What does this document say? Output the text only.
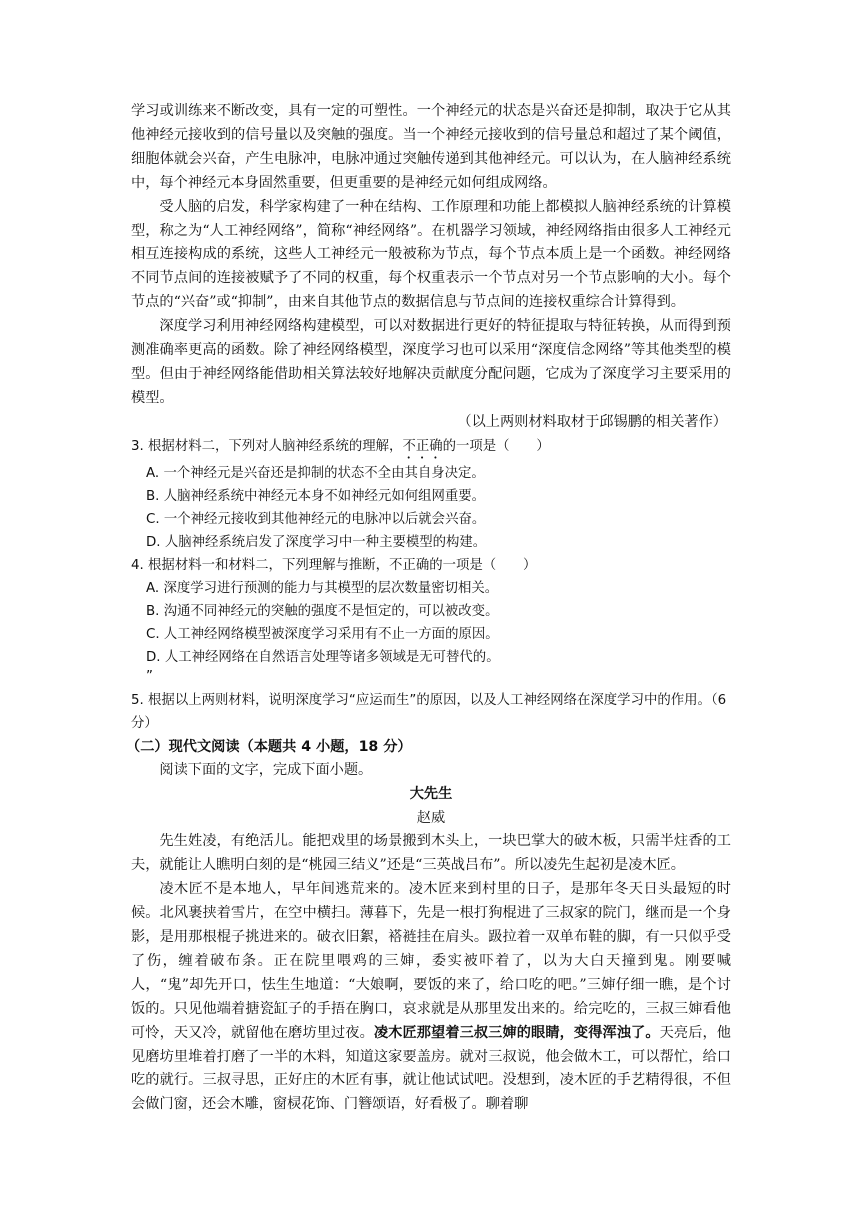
学习或训练来不断改变，具有一定的可塑性。一个神经元的状态是兴奋还是抑制，取决于它从其他神经元接收到的信号量以及突触的强度。当一个神经元接收到的信号量总和超过了某个阈值，细胞体就会兴奋，产生电脉冲，电脉冲通过突触传递到其他神经元。可以认为，在人脑神经系统中，每个神经元本身固然重要，但更重要的是神经元如何组成网络。

受人脑的启发，科学家构建了一种在结构、工作原理和功能上都模拟人脑神经系统的计算模型，称之为“人工神经网络”，简称“神经网络”。在机器学习领域，神经网络指由很多人工神经元相互连接构成的系统，这些人工神经元一般被称为节点，每个节点本质上是一个函数。神经网络不同节点间的连接被赋予了不同的权重，每个权重表示一个节点对另一个节点影响的大小。每个节点的“兴奋”或“抑制”，由来自其他节点的数据信息与节点间的连接权重综合计算得到。

深度学习利用神经网络构建模型，可以对数据进行更好的特征提取与特征转换，从而得到预测准确率更高的函数。除了神经网络模型，深度学习也可以采用“深度信念网络”等其他类型的模型。但由于神经网络能借助相关算法较好地解决贡献度分配问题，它成为了深度学习主要采用的模型。

（以上两则材料取材于邱锡鹏的相关著作）

3. 根据材料二，下列对人脑神经系统的理解，不正确的一项是（　　）

A. 一个神经元是兴奋还是抑制的状态不全由其自身决定。

B. 人脑神经系统中神经元本身不如神经元如何组网重要。

C. 一个神经元接收到其他神经元的电脉冲以后就会兴奋。

D. 人脑神经系统启发了深度学习中一种主要模型的构建。

4. 根据材料一和材料二，下列理解与推断，不正确的一项是（　　）

A. 深度学习进行预测的能力与其模型的层次数量密切相关。

B. 沟通不同神经元的突触的强度不是恒定的，可以被改变。

C. 人工神经网络模型被深度学习采用有不止一方面的原因。

D. 人工神经网络在自然语言处理等诸多领域是无可替代的。

”

5. 根据以上两则材料，说明深度学习“应运而生”的原因，以及人工神经网络在深度学习中的作用。（6 分）

（二）现代文阅读（本题共 4 小题，18 分）

阅读下面的文字，完成下面小题。

大先生

赵威

先生姓凌，有绝活儿。能把戏里的场景搬到木头上，一块巴掌大的破木板，只需半炷香的工夫，就能让人瞧明白刻的是“桃园三结义”还是“三英战吕布”。所以凌先生起初是凌木匠。

凌木匠不是本地人，早年间逃荒来的。凌木匠来到村里的日子，是那年冬天日头最短的时候。北风裹挟着雪片，在空中横扫。薄暮下，先是一根打狗棍进了三叔家的院门，继而是一个身影，是用那根棍子挑进来的。破衣旧絮，褡裢挂在肩头。趿拉着一双单布鞋的脚，有一只似乎受了伤，缠着破布条。正在院里喂鸡的三婶，委实被吓着了，以为大白天撞到鬼。刚要喊人，“鬼”却先开口，怯生生地道：“大娘啊，要饭的来了，给口吃的吧。”三婶仔细一瞧，是个讨饭的。只见他端着搪瓷缸子的手捂在胸口，哀求就是从那里发出来的。给完吃的，三叔三婶看他可怜，天又冷，就留他在磨坊里过夜。凌木匠那望着三叔三婶的眼睛，变得浑浊了。天亮后，他见磨坊里堆着打磨了一半的木料，知道这家要盖房。就对三叔说，他会做木工，可以帮忙，给口吃的就行。三叔寻思，正好庄的木匠有事，就让他试试吧。没想到，凌木匠的手艺精得很，不但会做门窗，还会木雕，窗棂花饰、门簪颂语，好看极了。聊着聊
